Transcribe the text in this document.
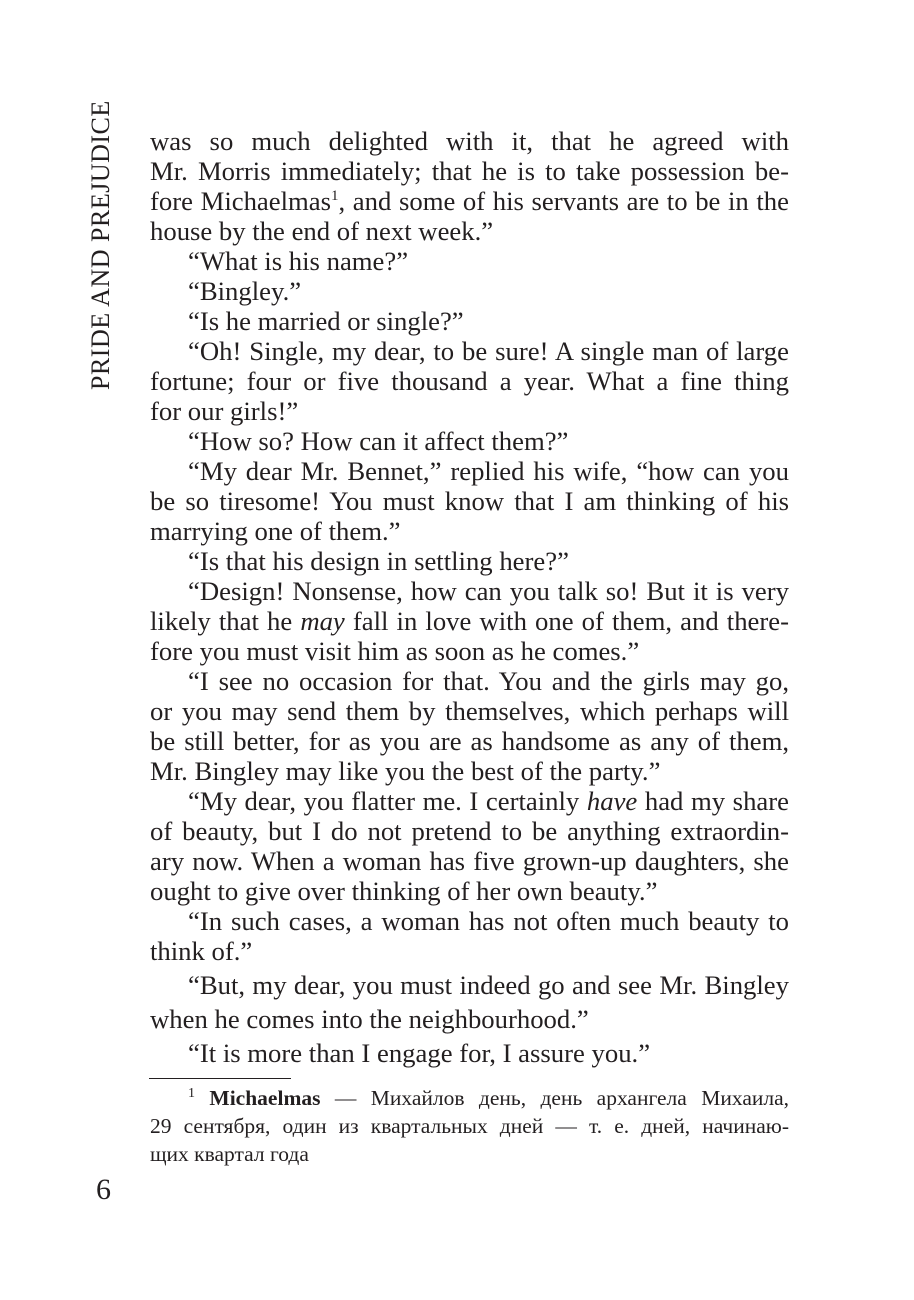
PRIDE AND PREJUDICE was so much delighted with it, that he agreed with
Mr. Morris immediately; that he is to take possession be-
fore Michaelmas$^1$, and some of his servants are to be in the
house by the end of next week.”
“What is his name?”
“Bingley.”
“Is he married or single?”
“Oh! Single, my dear, to be sure! A single man of large
fortune; four or five thousand a year. What a fine thing
for our girls!”
“How so? How can it affect them?”
“My dear Mr. Bennet,” replied his wife, “how can you
be so tiresome! You must know that I am thinking of his
marrying one of them.”
“Is that his design in settling here?”
“Design! Nonsense, how can you talk so! But it is very
likely that he may fall in love with one of them, and there-
fore you must visit him as soon as he comes.”
“I see no occasion for that. You and the girls may go,
or you may send them by themselves, which perhaps will
be still better, for as you are as handsome as any of them,
Mr. Bingley may like you the best of the party.”
“My dear, you flatter me. I certainly have had my share
of beauty, but I do not pretend to be anything extraordin-
ary now. When a woman has five grown-up daughters, she
ought to give over thinking of her own beauty.”
“In such cases, a woman has not often much beauty to
think of.”
“But, my dear, you must indeed go and see Mr. Bingley
when he comes into the neighbourhood.”
“It is more than I engage for, I assure you.”
$^1$ Michaelmas — Михайлов день, день архангела Михаила,
29 сентября, один из квартальных дней — т. е. дней, начинаю-
щих квартал года
6
